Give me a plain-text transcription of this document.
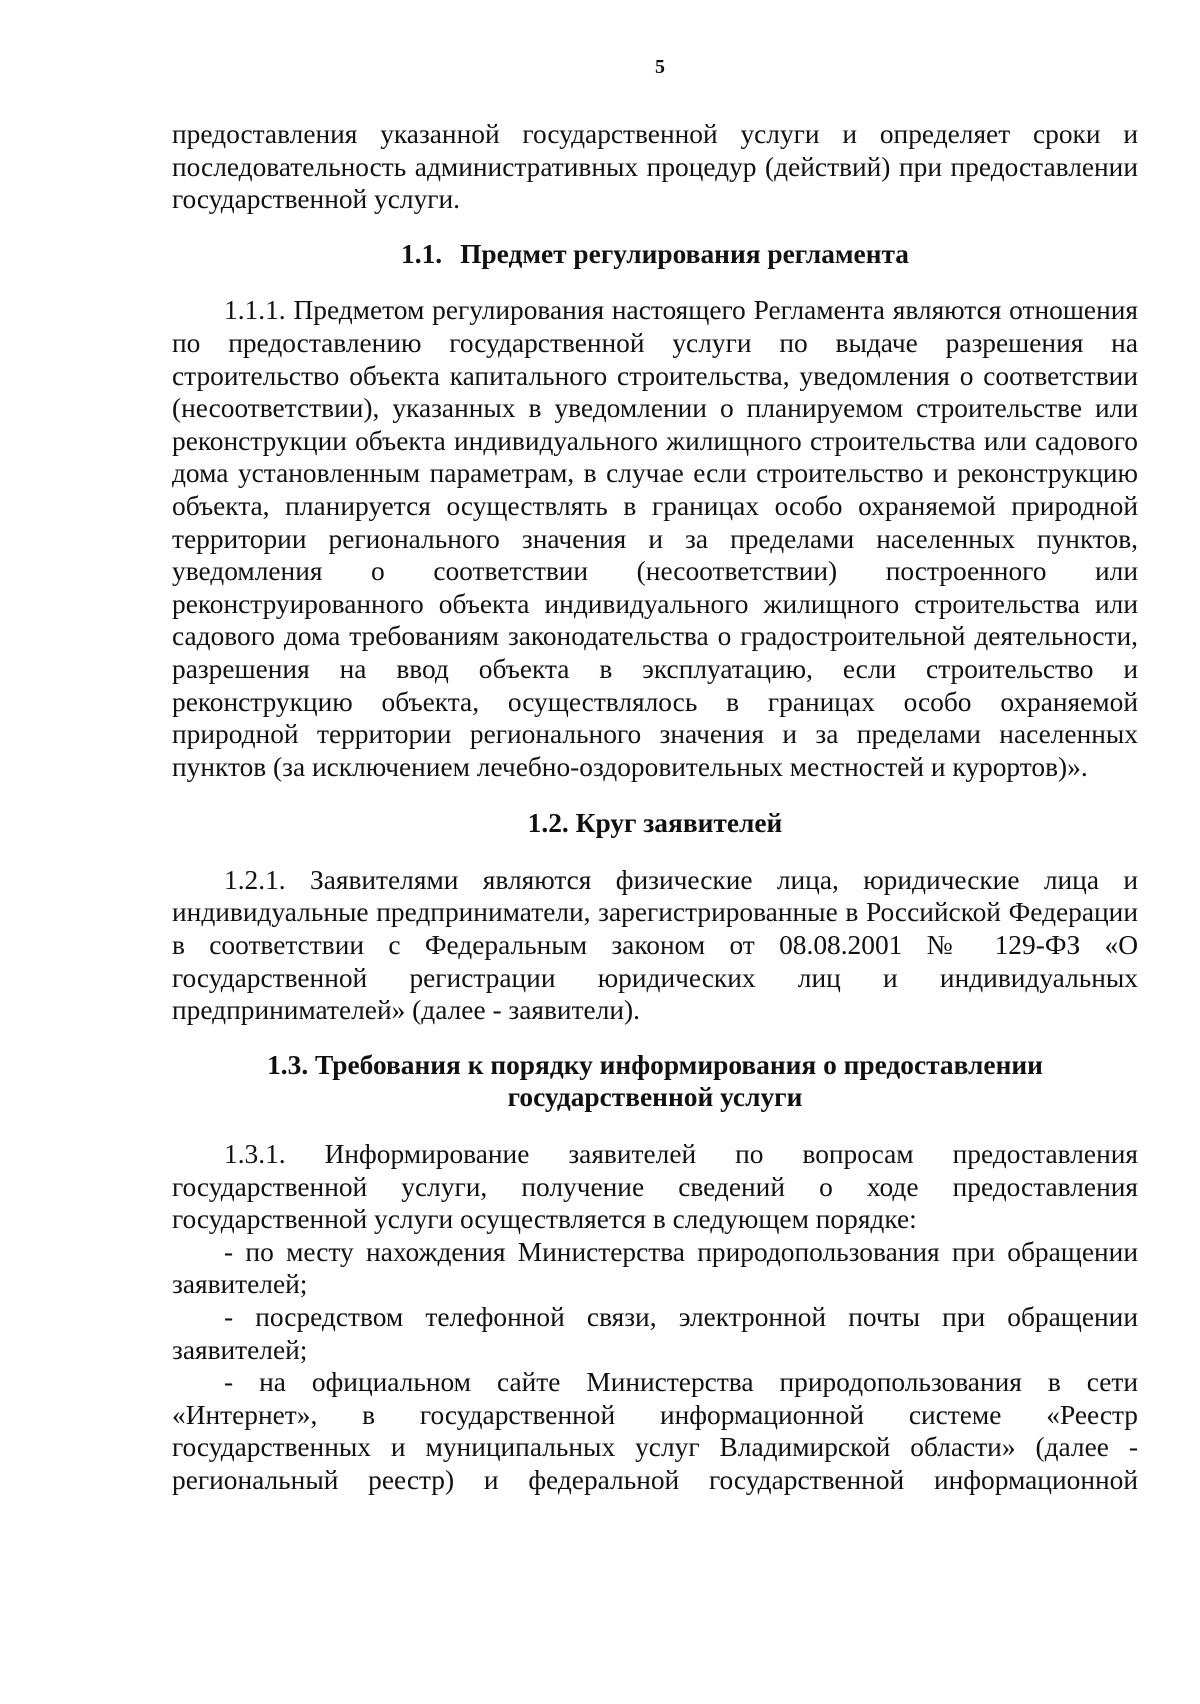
5

предоставления указанной государственной услуги и определяет сроки и последовательность административных процедур (действий) при предоставлении государственной услуги.

1.1. Предмет регулирования регламента

1.1.1. Предметом регулирования настоящего Регламента являются отношения по предоставлению государственной услуги по выдаче разрешения на строительство объекта капитального строительства, уведомления о соответствии (несоответствии), указанных в уведомлении о планируемом строительстве или реконструкции объекта индивидуального жилищного строительства или садового дома установленным параметрам, в случае если строительство и реконструкцию объекта, планируется осуществлять в границах особо охраняемой природной территории регионального значения и за пределами населенных пунктов, уведомления о соответствии (несоответствии) построенного или реконструированного объекта индивидуального жилищного строительства или садового дома требованиям законодательства о градостроительной деятельности, разрешения на ввод объекта в эксплуатацию, если строительство и реконструкцию объекта, осуществлялось в границах особо охраняемой природной территории регионального значения и за пределами населенных пунктов (за исключением лечебно-оздоровительных местностей и курортов)».

1.2. Круг заявителей

1.2.1. Заявителями являются физические лица, юридические лица и индивидуальные предприниматели, зарегистрированные в Российской Федерации в соответствии с Федеральным законом от 08.08.2001 № 129-ФЗ «О государственной регистрации юридических лиц и индивидуальных предпринимателей» (далее - заявители).

1.3. Требования к порядку информирования о предоставлении
государственной услуги

1.3.1. Информирование заявителей по вопросам предоставления государственной услуги, получение сведений о ходе предоставления государственной услуги осуществляется в следующем порядке:

- по месту нахождения Министерства природопользования при обращении заявителей;

- посредством телефонной связи, электронной почты при обращении заявителей;

- на официальном сайте Министерства природопользования в сети «Интернет», в государственной информационной системе «Реестр государственных и муниципальных услуг Владимирской области» (далее - региональный реестр) и федеральной государственной информационной
